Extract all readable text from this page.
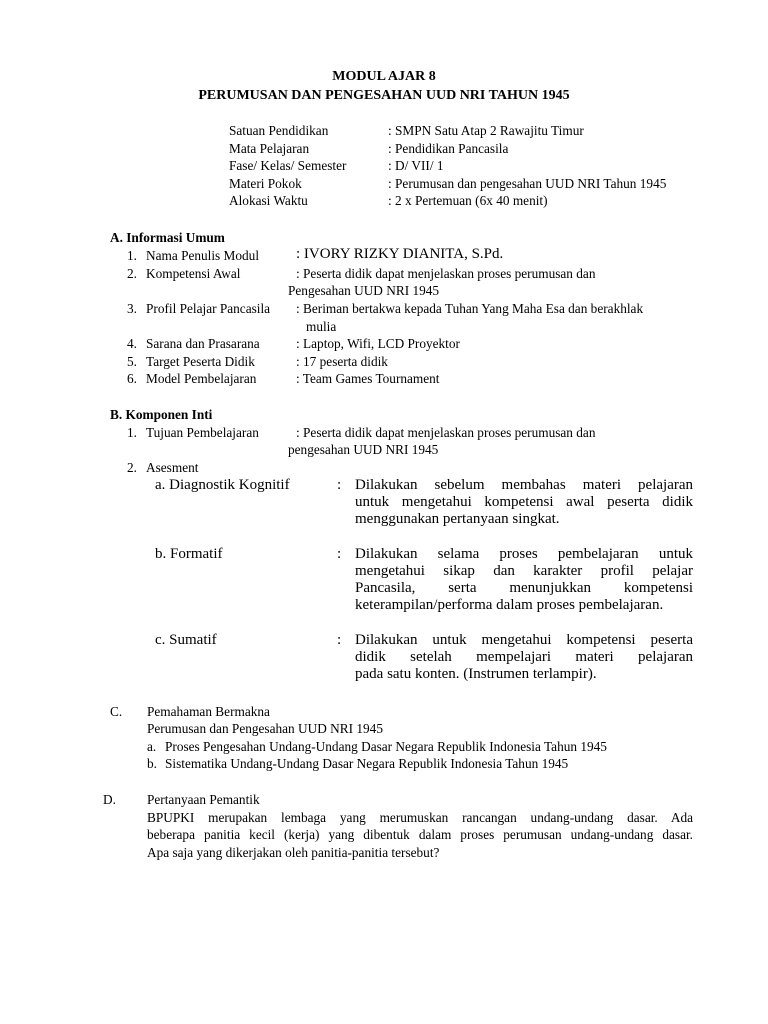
MODUL AJAR 8
PERUMUSAN DAN PENGESAHAN UUD NRI TAHUN 1945
Satuan Pendidikan	: SMPN Satu Atap 2 Rawajitu Timur
Mata Pelajaran	: Pendidikan Pancasila
Fase/ Kelas/ Semester	: D/ VII/ 1
Materi Pokok	: Perumusan dan pengesahan UUD NRI Tahun 1945
Alokasi Waktu	: 2 x Pertemuan (6x 40 menit)
A. Informasi Umum
1. Nama Penulis Modul : IVORY RIZKY DIANITA, S.Pd.
2. Kompetensi Awal	: Peserta didik dapat menjelaskan proses perumusan dan
Pengesahan UUD NRI 1945
3. Profil Pelajar Pancasila : Beriman bertakwa kepada Tuhan Yang Maha Esa dan berakhlak
mulia
4. Sarana dan Prasarana	: Laptop, Wifi, LCD Proyektor
5. Target Peserta Didik	: 17 peserta didik
6. Model Pembelajaran	: Team Games Tournament
B. Komponen Inti
1. Tujuan Pembelajaran	: Peserta didik dapat menjelaskan proses perumusan dan
pengesahan UUD NRI 1945
2. Asesment
a. Diagnostik Kognitif	: Dilakukan sebelum membahas materi pelajaran
untuk mengetahui kompetensi awal peserta didik
menggunakan pertanyaan singkat.
b. Formatif	: Dilakukan selama proses pembelajaran untuk
mengetahui sikap dan karakter profil pelajar
Pancasila, serta menunjukkan kompetensi
keterampilan/performa dalam proses pembelajaran.
c. Sumatif	: Dilakukan untuk mengetahui kompetensi peserta
didik setelah mempelajari materi pelajaran
pada satu konten. (Instrumen terlampir).
C. Pemahaman Bermakna
Perumusan dan Pengesahan UUD NRI 1945
a. Proses Pengesahan Undang-Undang Dasar Negara Republik Indonesia Tahun 1945
b. Sistematika Undang-Undang Dasar Negara Republik Indonesia Tahun 1945
D. Pertanyaan Pemantik
BPUPKI merupakan lembaga yang merumuskan rancangan undang-undang dasar. Ada
beberapa panitia kecil (kerja) yang dibentuk dalam proses perumusan undang-undang dasar.
Apa saja yang dikerjakan oleh panitia-panitia tersebut?
